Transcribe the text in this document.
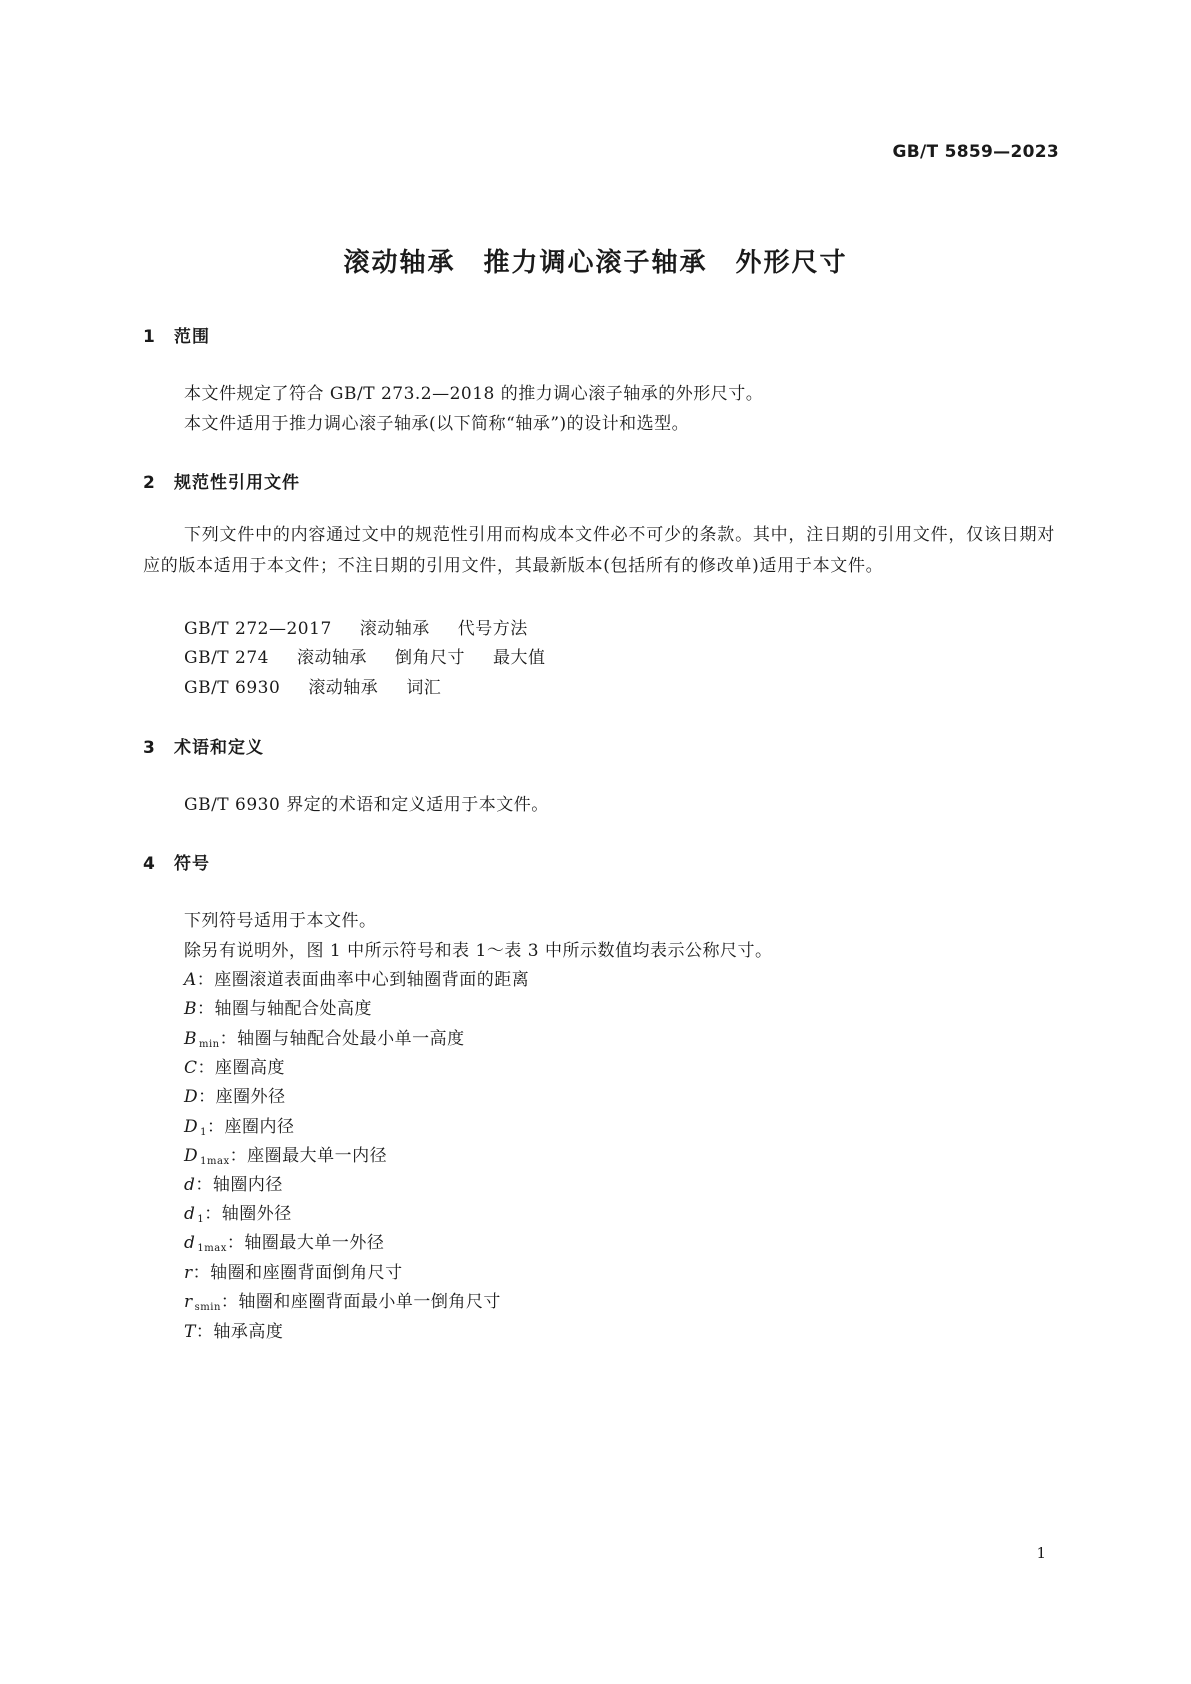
GB/T 5859—2023
滚动轴承　推力调心滚子轴承　外形尺寸
1 范围
本文件规定了符合 GB/T 273.2—2018 的推力调心滚子轴承的外形尺寸。
本文件适用于推力调心滚子轴承(以下简称“轴承”)的设计和选型。
2 规范性引用文件
下列文件中的内容通过文中的规范性引用而构成本文件必不可少的条款。其中，注日期的引用文件，仅该日期对应的版本适用于本文件；不注日期的引用文件，其最新版本(包括所有的修改单)适用于本文件。
GB/T 272—2017 滚动轴承 代号方法
GB/T 274 滚动轴承 倒角尺寸 最大值
GB/T 6930 滚动轴承 词汇
3 术语和定义
GB/T 6930 界定的术语和定义适用于本文件。
4 符号
下列符号适用于本文件。
除另有说明外，图 1 中所示符号和表 1～表 3 中所示数值均表示公称尺寸。
A：座圈滚道表面曲率中心到轴圈背面的距离
B：轴圈与轴配合处高度
B $_{min}$：轴圈与轴配合处最小单一高度
C：座圈高度
D：座圈外径
D $_1$：座圈内径
D $_{1max}$：座圈最大单一内径
d：轴圈内径
d $_1$：轴圈外径
d $_{1max}$：轴圈最大单一外径
r：轴圈和座圈背面倒角尺寸
r $_{smin}$：轴圈和座圈背面最小单一倒角尺寸
T：轴承高度
1
